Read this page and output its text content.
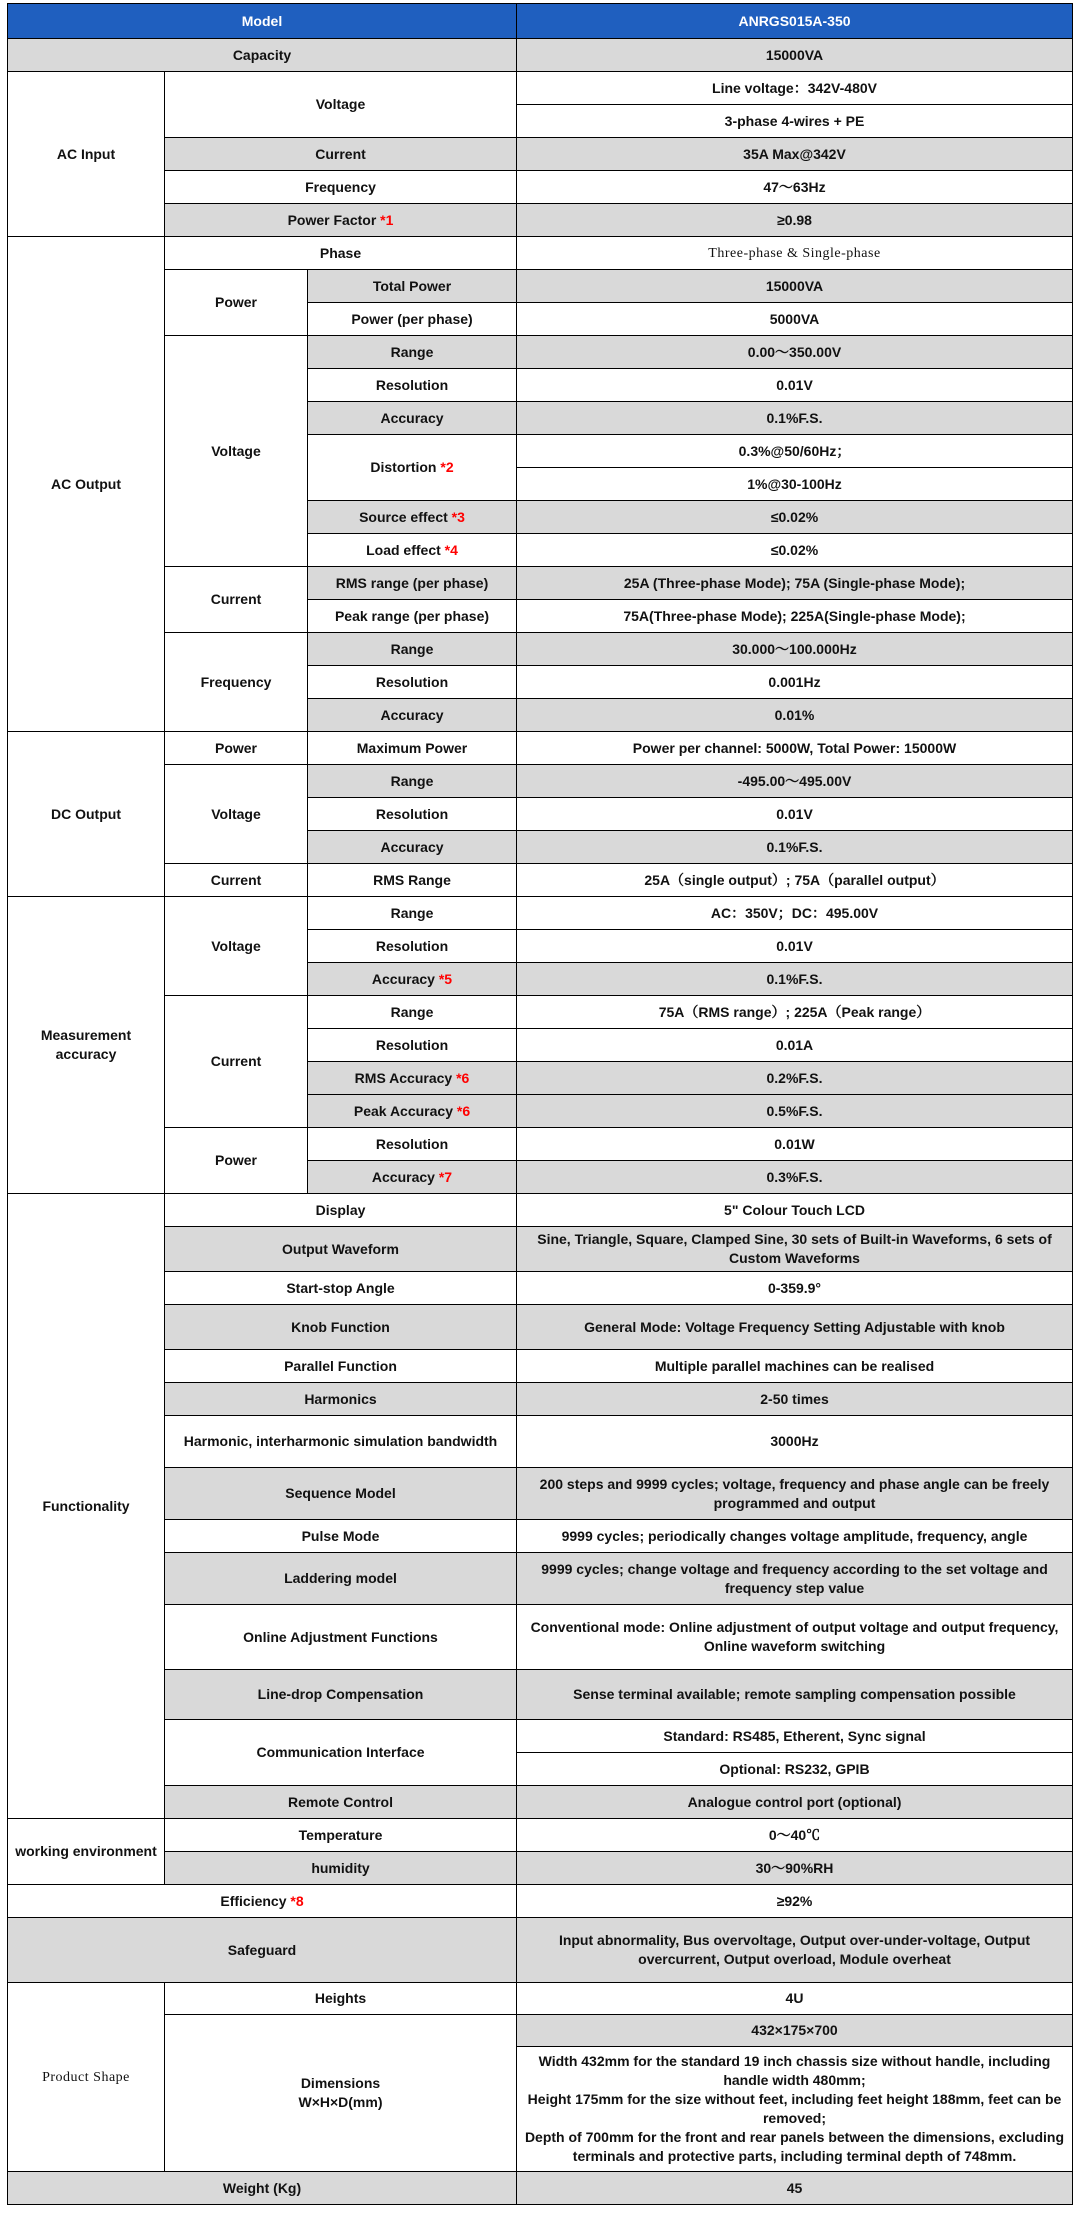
Model			ANRGS015A-350
Capacity			15000VA
AC Input	Voltage		Line voltage：342V-480V
			3-phase 4-wires + PE
	Current		35A Max@342V
	Frequency		47～63Hz
	Power Factor *1		≥0.98

AC Output	Phase		Three-phase & Single-phase
	Power	Total Power	15000VA
		Power (per phase)	5000VA
	Voltage	Range	0.00～350.00V
		Resolution	0.01V
		Accuracy	0.1%F.S.
		Distortion *2	0.3%@50/60Hz；
			1%@30-100Hz
		Source effect *3	≤0.02%
		Load effect *4	≤0.02%
	Current	RMS range (per phase)	25A (Three-phase Mode); 75A (Single-phase Mode);
		Peak range (per phase)	75A(Three-phase Mode); 225A(Single-phase Mode);
	Frequency	Range	30.000～100.000Hz
		Resolution	0.001Hz
		Accuracy	0.01%
DC Output	Power	Maximum Power	Power per channel: 5000W, Total Power: 15000W
	Voltage	Range	-495.00～495.00V
		Resolution	0.01V
		Accuracy	0.1%F.S.
	Current	RMS Range	25A（single output）; 75A（parallel output）
Measurement
accuracy	Voltage	Range	AC：350V；DC：495.00V
		Resolution	0.01V
		Accuracy *5	0.1%F.S.
	Current	Range	75A（RMS range）; 225A（Peak range）
		Resolution	0.01A
		RMS Accuracy *6	0.2%F.S.
		Peak Accuracy *6	0.5%F.S.
	Power	Resolution	0.01W
		Accuracy *7	0.3%F.S.
Functionality	Display		5" Colour Touch LCD
	Output Waveform		Sine, Triangle, Square, Clamped Sine, 30 sets of Built-in Waveforms, 6 sets of Custom Waveforms
	Start-stop Angle		0-359.9°
	Knob Function		General Mode: Voltage Frequency Setting Adjustable with knob
	Parallel Function		Multiple parallel machines can be realised
	Harmonics		2-50 times
	Harmonic, interharmonic simulation bandwidth		3000Hz
	Sequence Model		200 steps and 9999 cycles; voltage, frequency and phase angle can be freely programmed and output
	Pulse Mode		9999 cycles; periodically changes voltage amplitude, frequency, angle
	Laddering model		9999 cycles; change voltage and frequency according to the set voltage and frequency step value
	Online Adjustment Functions		Conventional mode: Online adjustment of output voltage and output frequency, Online waveform switching
	Line-drop Compensation		Sense terminal available; remote sampling compensation possible
	Communication Interface		Standard: RS485, Etherent, Sync signal
			Optional: RS232, GPIB
	Remote Control		Analogue control port (optional)

working environment	Temperature		0～40℃
	humidity		30～90%RH
Efficiency *8			≥92%
Safeguard			Input abnormality, Bus overvoltage, Output over-under-voltage, Output overcurrent, Output overload, Module overheat
Product Shape	Heights		4U
	Dimensions
W×H×D(mm)		432×175×700

			Width 432mm for the standard 19 inch chassis size without handle, including handle width 480mm;
Height 175mm for the size without feet, including feet height 188mm, feet can be removed;
Depth of 700mm for the front and rear panels between the dimensions, excluding terminals and protective parts, including terminal depth of 748mm.

Weight (Kg)			45
